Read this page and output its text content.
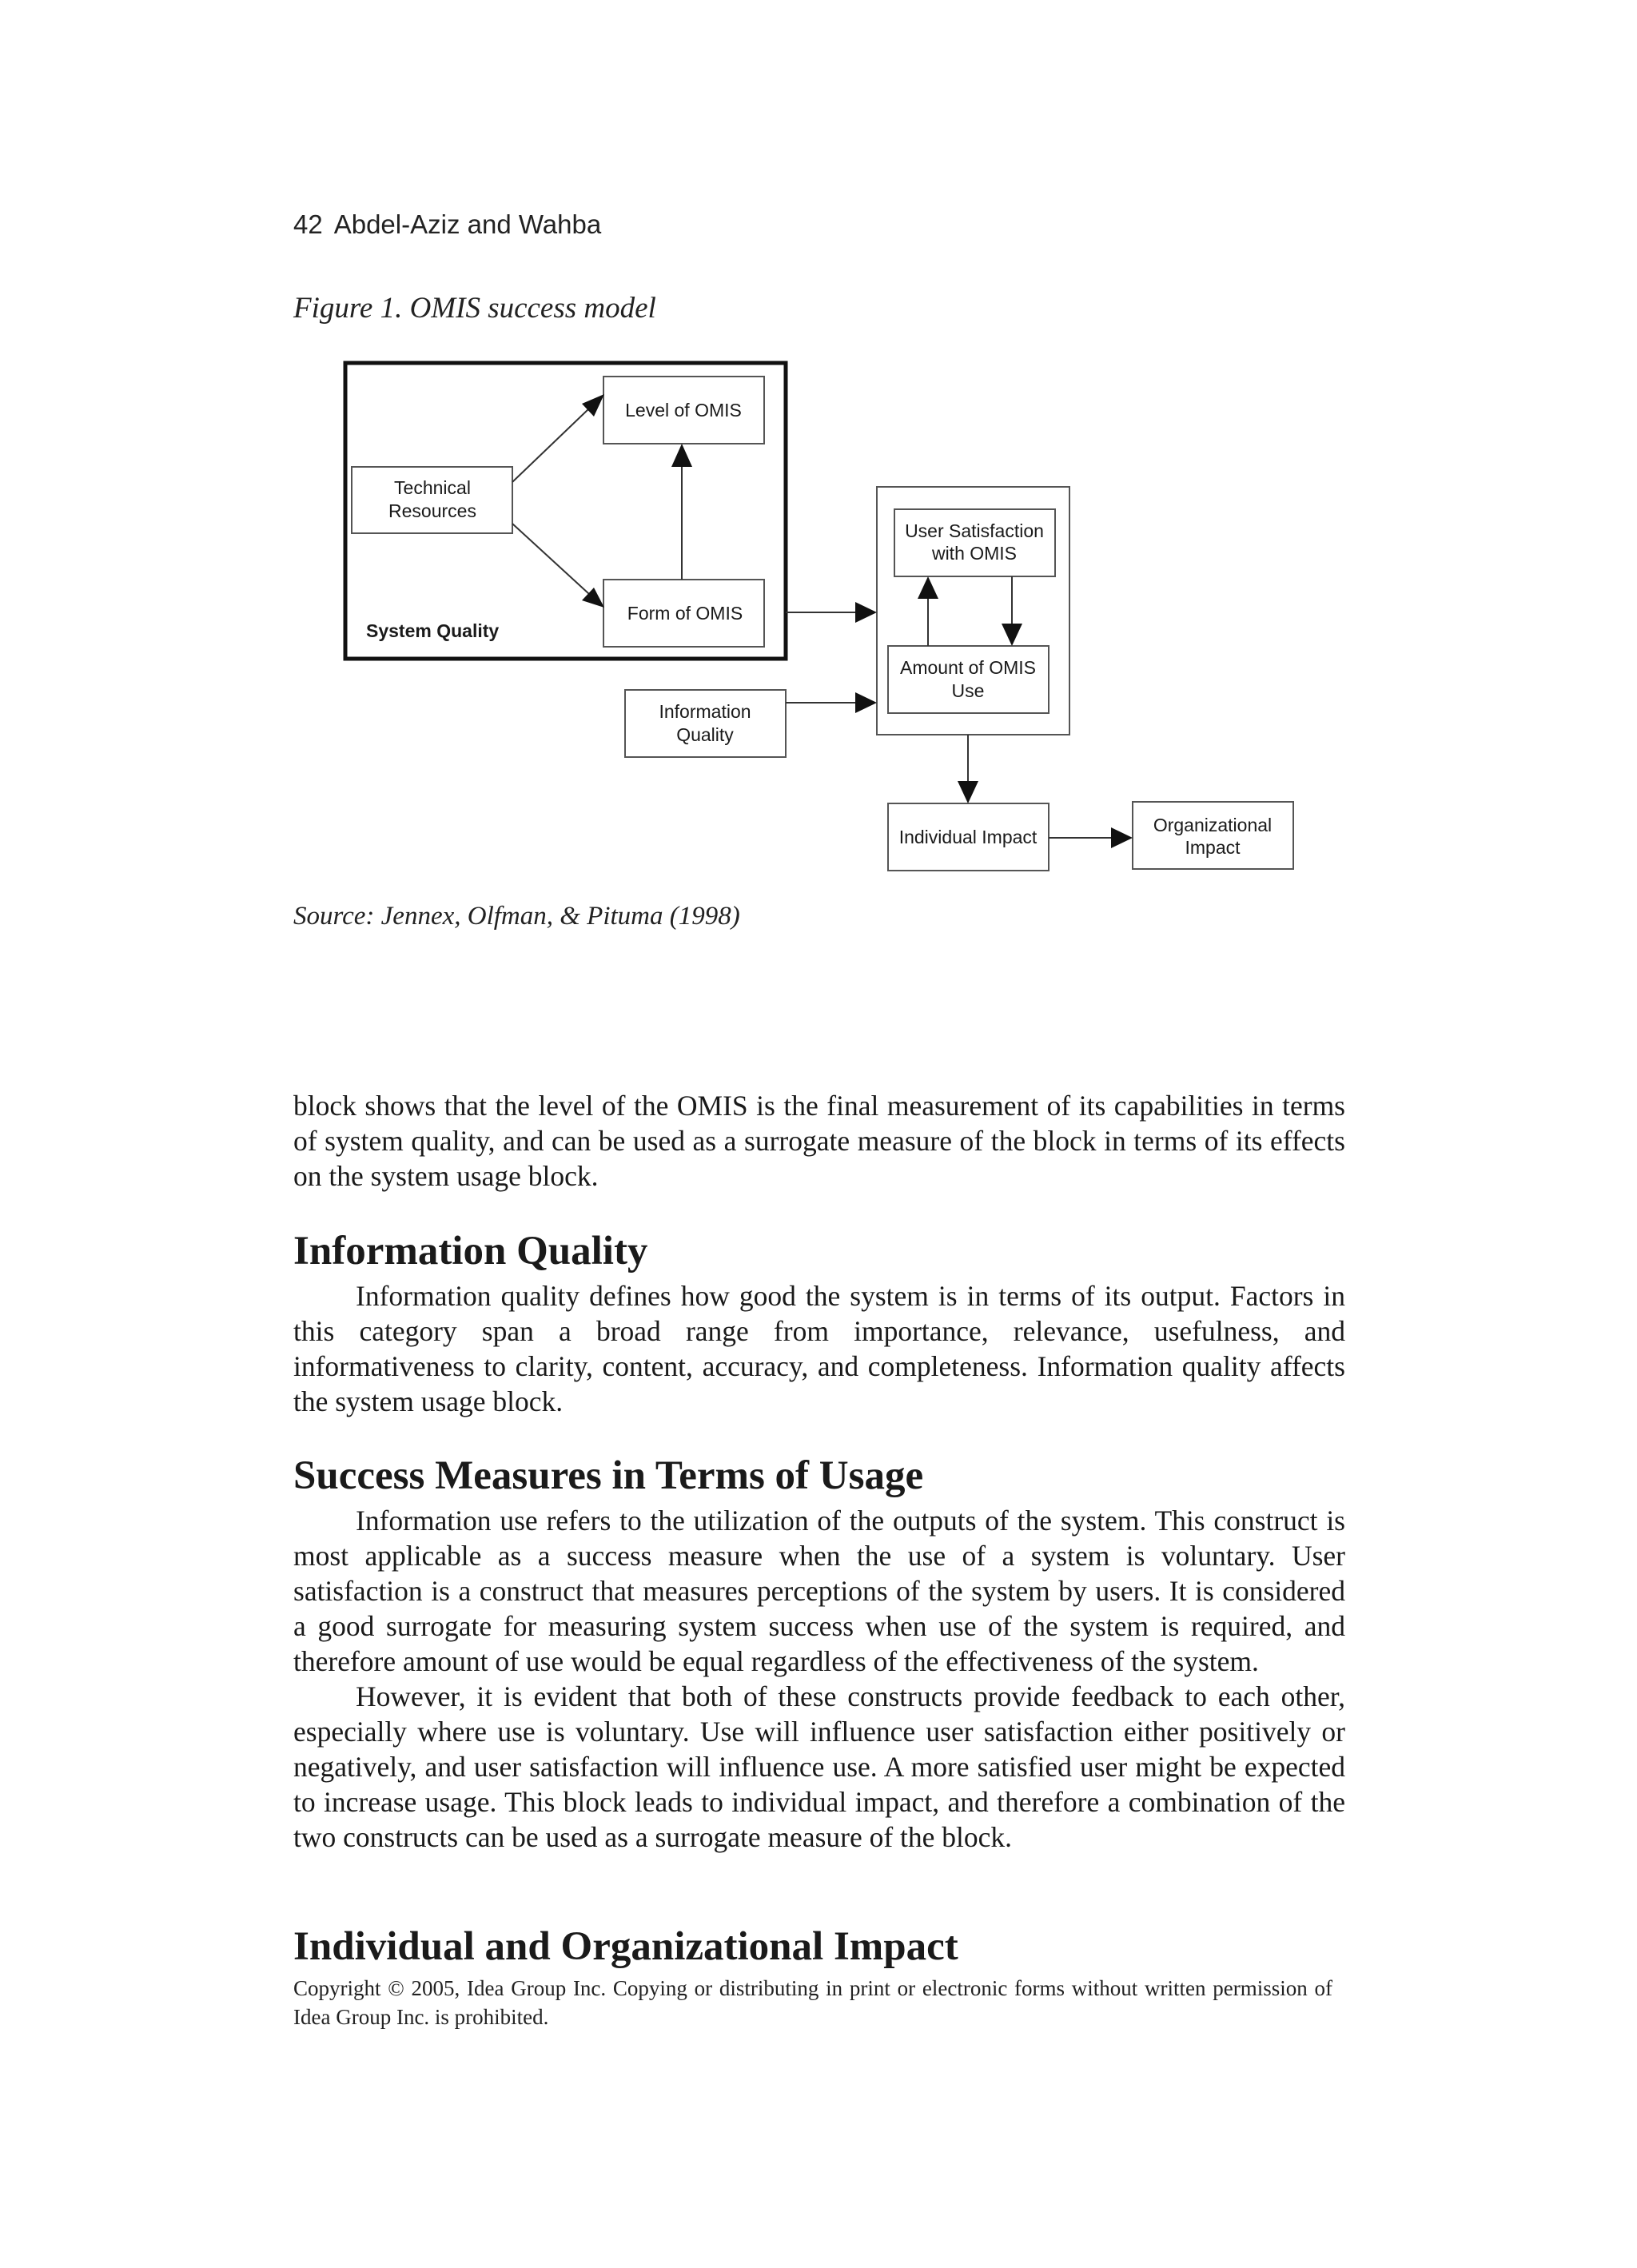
42 Abdel-Aziz and Wahba
Figure 1. OMIS success model
Level of OMIS
Technical
Resources
Form of OMIS
System Quality
User Satisfaction
with OMIS
Amount of OMIS
Use
Information
Quality
Individual Impact
Organizational
Impact
Source: Jennex, Olfman, & Pituma (1998)

block shows that the level of the OMIS is the final measurement of its capabilities in terms of system quality, and can be used as a surrogate measure of the block in terms of its effects on the system usage block.

Information Quality

Information quality defines how good the system is in terms of its output. Factors in this category span a broad range from importance, relevance, usefulness, and informativeness to clarity, content, accuracy, and completeness. Information quality affects the system usage block.

Success Measures in Terms of Usage

Information use refers to the utilization of the outputs of the system. This construct is most applicable as a success measure when the use of a system is voluntary. User satisfaction is a construct that measures perceptions of the system by users. It is considered a good surrogate for measuring system success when use of the system is required, and therefore amount of use would be equal regardless of the effectiveness of the system.

However, it is evident that both of these constructs provide feedback to each other, especially where use is voluntary. Use will influence user satisfaction either positively or negatively, and user satisfaction will influence use. A more satisfied user might be expected to increase usage. This block leads to individual impact, and therefore a combination of the two constructs can be used as a surrogate measure of the block.

Individual and Organizational Impact
Copyright © 2005, Idea Group Inc. Copying or distributing in print or electronic forms without written permission of Idea Group Inc. is prohibited.
